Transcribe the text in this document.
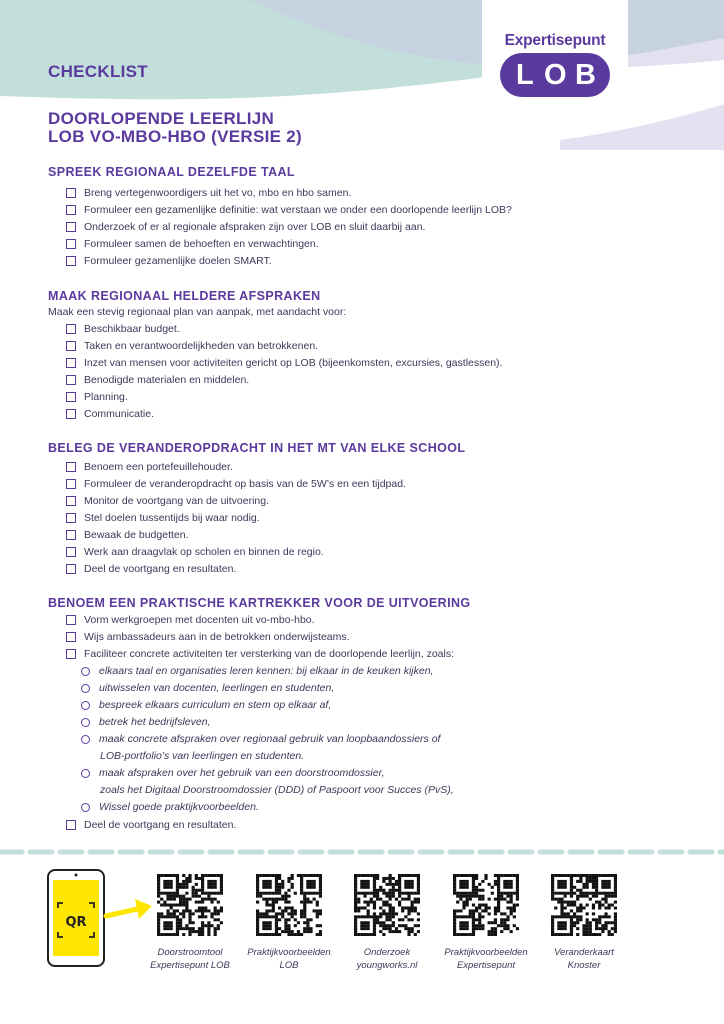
Expertisepunt
L O B
CHECKLIST
DOORLOPENDE LEERLIJN
LOB VO-MBO-HBO (VERSIE 2)
SPREEK REGIONAAL DEZELFDE TAAL
Breng vertegenwoordigers uit het vo, mbo en hbo samen.
Formuleer een gezamenlijke definitie: wat verstaan we onder een doorlopende leerlijn LOB?
Onderzoek of er al regionale afspraken zijn over LOB en sluit daarbij aan.
Formuleer samen de behoeften en verwachtingen.
Formuleer gezamenlijke doelen SMART.
MAAK REGIONAAL HELDERE AFSPRAKEN
Maak een stevig regionaal plan van aanpak, met aandacht voor:
Beschikbaar budget.
Taken en verantwoordelijkheden van betrokkenen.
Inzet van mensen voor activiteiten gericht op LOB (bijeenkomsten, excursies, gastlessen).
Benodigde materialen en middelen.
Planning.
Communicatie.
BELEG DE VERANDEROPDRACHT IN HET MT VAN ELKE SCHOOL
Benoem een portefeuillehouder.
Formuleer de veranderopdracht op basis van de 5W’s en een tijdpad.
Monitor de voortgang van de uitvoering.
Stel doelen tussentijds bij waar nodig.
Bewaak de budgetten.
Werk aan draagvlak op scholen en binnen de regio.
Deel de voortgang en resultaten.
BENOEM EEN PRAKTISCHE KARTREKKER VOOR DE UITVOERING
Vorm werkgroepen met docenten uit vo-mbo-hbo.
Wijs ambassadeurs aan in de betrokken onderwijsteams.
Faciliteer concrete activiteiten ter versterking van de doorlopende leerlijn, zoals:
elkaars taal en organisaties leren kennen: bij elkaar in de keuken kijken,
uitwisselen van docenten, leerlingen en studenten,
bespreek elkaars curriculum en stem op elkaar af,
betrek het bedrijfsleven,
maak concrete afspraken over regionaal gebruik van loopbaandossiers of
LOB-portfolio’s van leerlingen en studenten.
maak afspraken over het gebruik van een doorstroomdossier,
zoals het Digitaal Doorstroomdossier (DDD) of Paspoort voor Succes (PvS),
Wissel goede praktijkvoorbeelden.
Deel de voortgang en resultaten.
QR
Doorstroomtool
Expertisepunt LOB
Praktijkvoorbeelden
LOB
Onderzoek
youngworks.nl
Praktijkvoorbeelden
Expertisepunt
Veranderkaart
Knoster
